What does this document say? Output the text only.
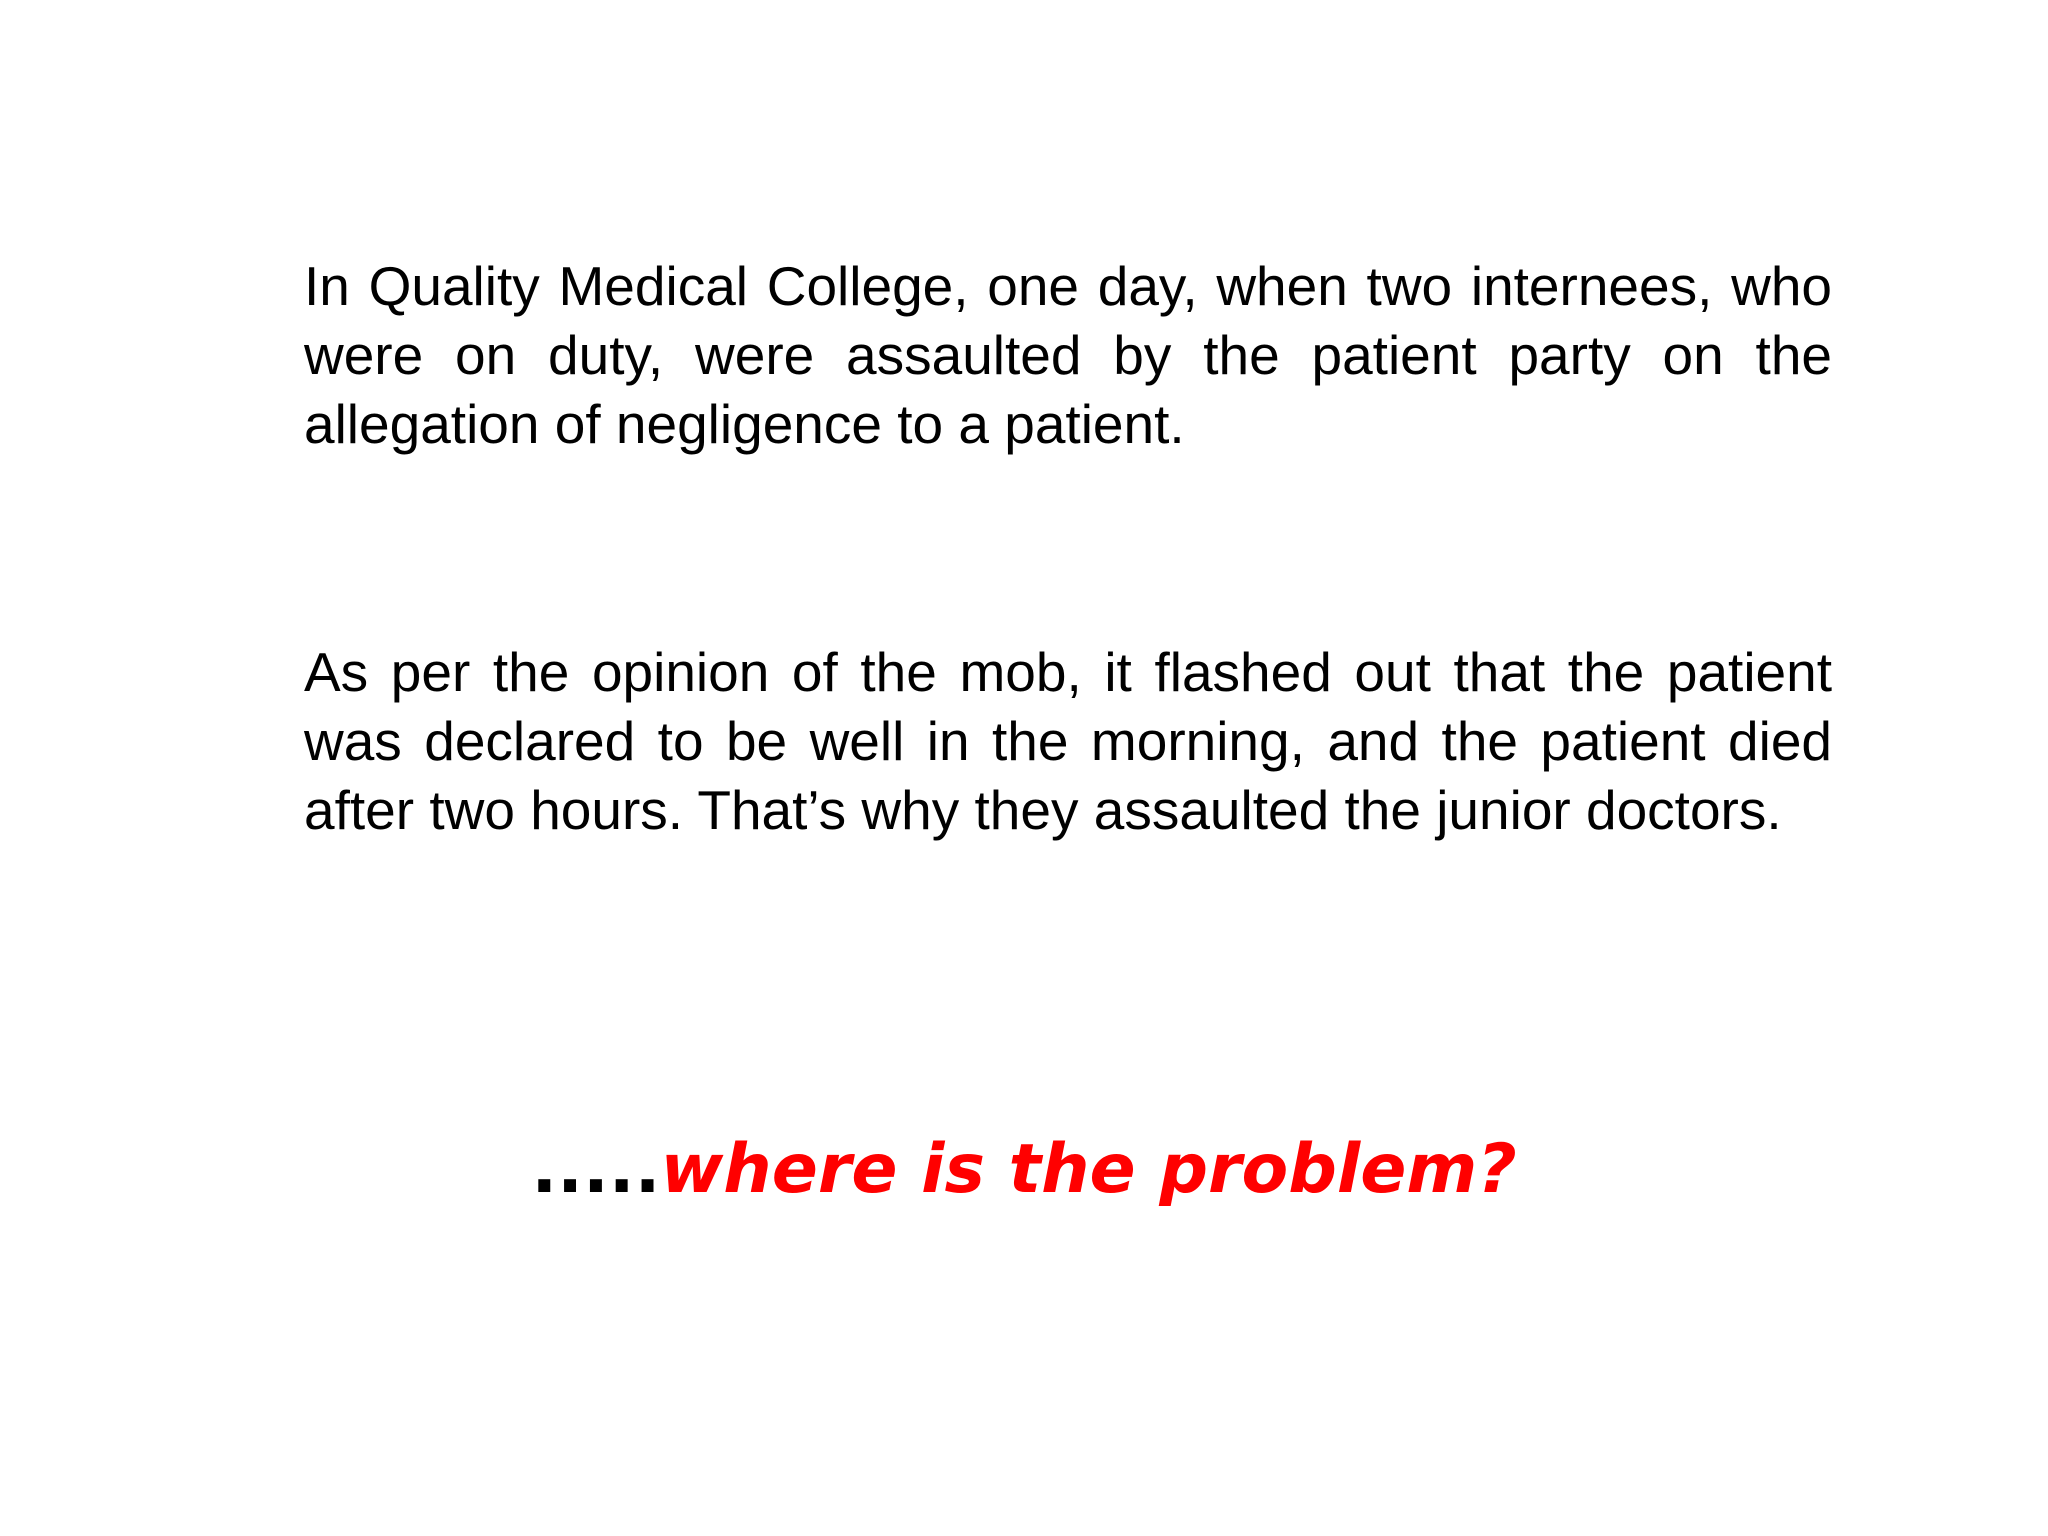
In Quality Medical College, one day, when two internees, who were on duty, were assaulted by the patient party on the allegation of negligence to a patient.

As per the opinion of the mob, it flashed out that the patient was declared to be well in the morning, and the patient died after two hours. That’s why they assaulted the junior doctors.

.....where is the problem?
